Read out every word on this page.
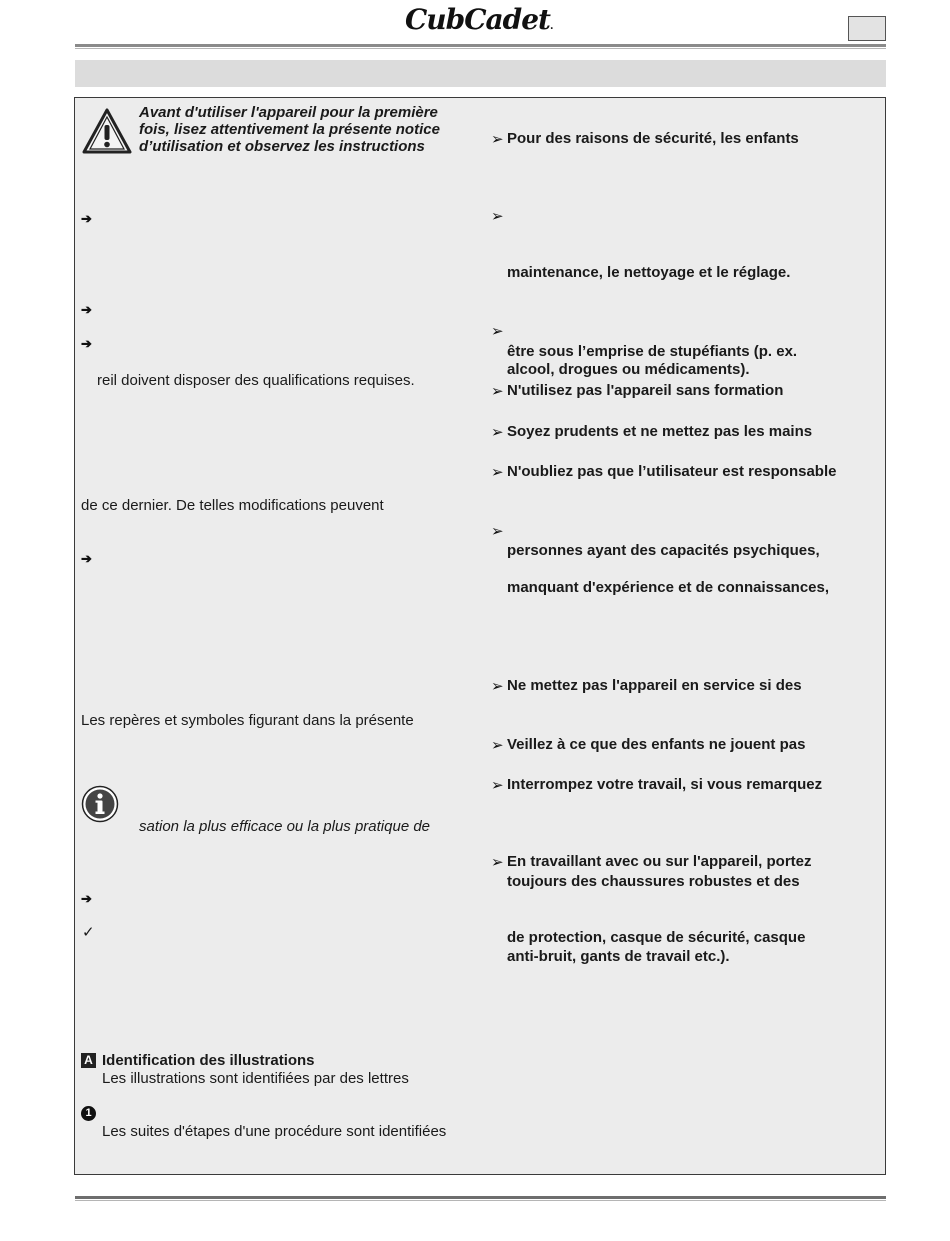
CubCadet.
Avant d'utiliser l'appareil pour la première
fois, lisez attentivement la présente notice
d’utilisation et observez les instructions
➔
➔
➔
reil doivent disposer des qualifications requises.
de ce dernier. De telles modifications peuvent
➔
Les repères et symboles figurant dans la présente
sation la plus efficace ou la plus pratique de
➔
✓
A Identification des illustrations
Les illustrations sont identifiées par des lettres
1
Les suites d'étapes d'une procédure sont identifiées
➢ Pour des raisons de sécurité, les enfants
➢
maintenance, le nettoyage et le réglage.
➢
être sous l’emprise de stupéfiants (p. ex.
alcool, drogues ou médicaments).
➢ N'utilisez pas l'appareil sans formation
➢ Soyez prudents et ne mettez pas les mains
➢ N'oubliez pas que l’utilisateur est responsable
➢
personnes ayant des capacités psychiques,
manquant d'expérience et de connaissances,
➢ Ne mettez pas l'appareil en service si des
➢ Veillez à ce que des enfants ne jouent pas
➢ Interrompez votre travail, si vous remarquez
➢ En travaillant avec ou sur l'appareil, portez
toujours des chaussures robustes et des
de protection, casque de sécurité, casque
anti-bruit, gants de travail etc.).
